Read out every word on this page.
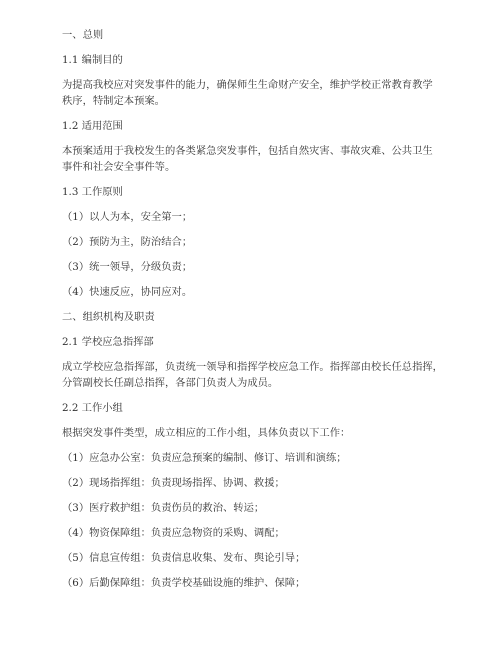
一、总则

1.1 编制目的

为提高我校应对突发事件的能力，确保师生生命财产安全，维护学校正常教育教学

秩序，特制定本预案。

1.2 适用范围

本预案适用于我校发生的各类紧急突发事件，包括自然灾害、事故灾难、公共卫生

事件和社会安全事件等。

1.3 工作原则

（1）以人为本，安全第一；

（2）预防为主，防治结合；

（3）统一领导，分级负责；

（4）快速反应，协同应对。

二、组织机构及职责

2.1 学校应急指挥部

成立学校应急指挥部，负责统一领导和指挥学校应急工作。指挥部由校长任总指挥，

分管副校长任副总指挥，各部门负责人为成员。

2.2 工作小组

根据突发事件类型，成立相应的工作小组，具体负责以下工作：

（1）应急办公室：负责应急预案的编制、修订、培训和演练；

（2）现场指挥组：负责现场指挥、协调、救援；

（3）医疗救护组：负责伤员的救治、转运；

（4）物资保障组：负责应急物资的采购、调配；

（5）信息宣传组：负责信息收集、发布、舆论引导；

（6）后勤保障组：负责学校基础设施的维护、保障；
